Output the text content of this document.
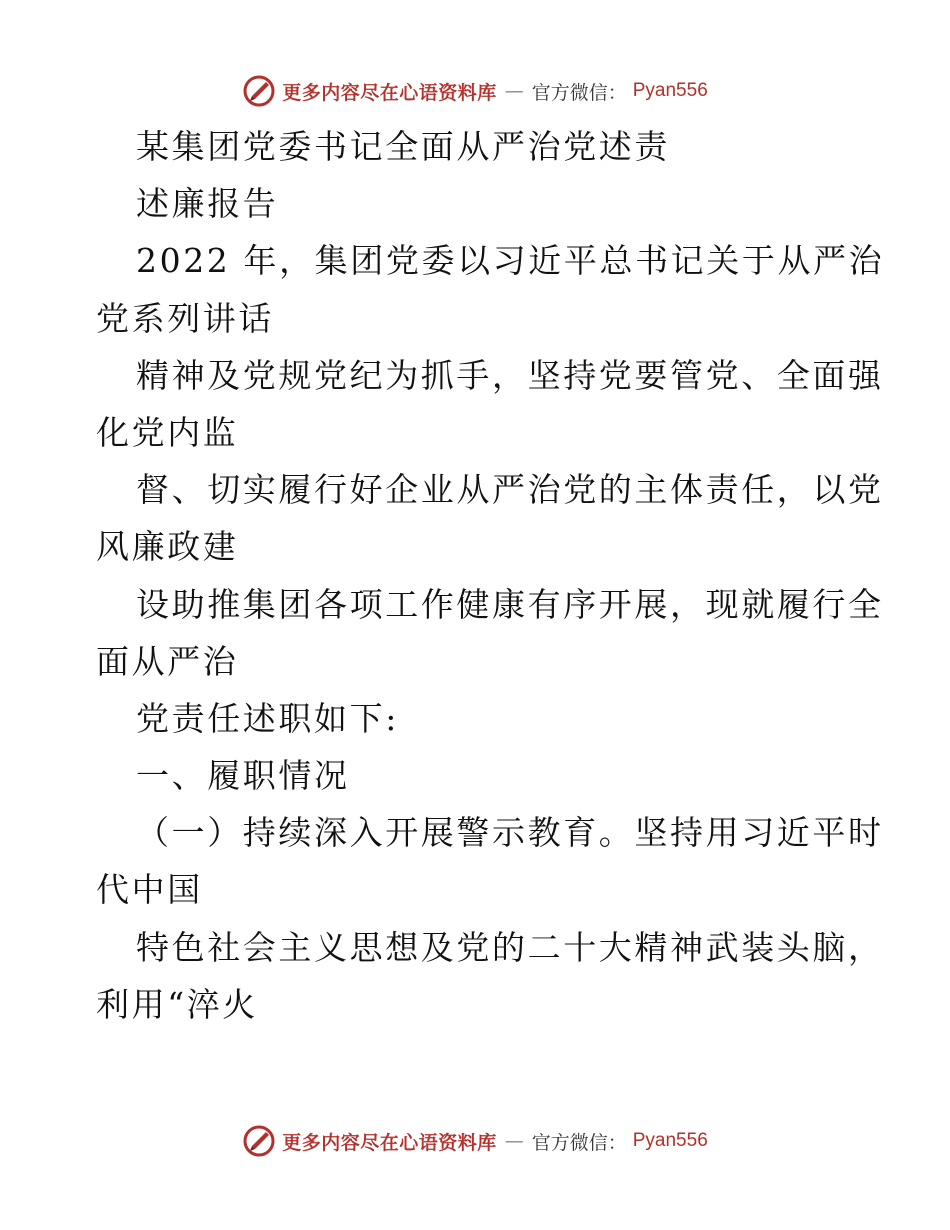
更多内容尽在心语资料库 — 官方微信： Pyan556
某集团党委书记全面从严治党述责
述廉报告
2022 年，集团党委以习近平总书记关于从严治
党系列讲话
精神及党规党纪为抓手，坚持党要管党、全面强
化党内监
督、切实履行好企业从严治党的主体责任，以党
风廉政建
设助推集团各项工作健康有序开展，现就履行全
面从严治
党责任述职如下:
一、履职情况
（一）持续深入开展警示教育。坚持用习近平时
代中国
特色社会主义思想及党的二十大精神武装头脑，
利用“淬火
更多内容尽在心语资料库 — 官方微信： Pyan556
